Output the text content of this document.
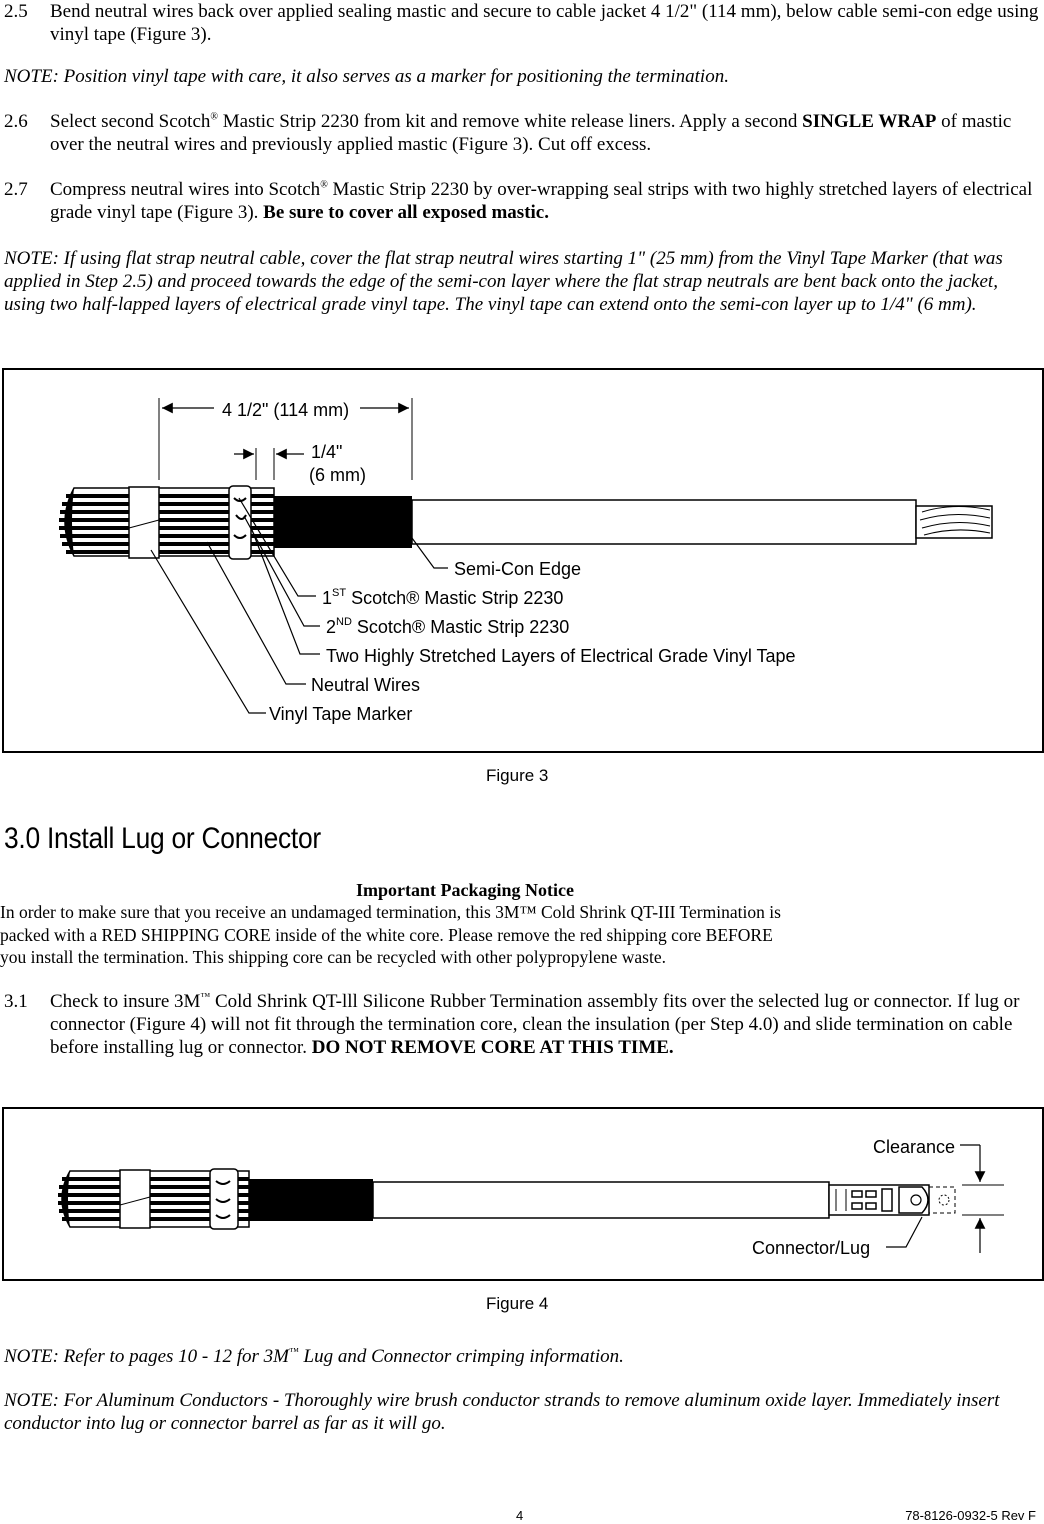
2.5 Bend neutral wires back over applied sealing mastic and secure to cable jacket 4 1/2" (114 mm), below cable semi-con edge using vinyl tape (Figure 3).
NOTE: Position vinyl tape with care, it also serves as a marker for positioning the termination.
2.6 Select second Scotch® Mastic Strip 2230 from kit and remove white release liners. Apply a second SINGLE WRAP of mastic over the neutral wires and previously applied mastic (Figure 3). Cut off excess.
2.7 Compress neutral wires into Scotch® Mastic Strip 2230 by over-wrapping seal strips with two highly stretched layers of electrical grade vinyl tape (Figure 3). Be sure to cover all exposed mastic.
NOTE: If using flat strap neutral cable, cover the flat strap neutral wires starting 1" (25 mm) from the Vinyl Tape Marker (that was applied in Step 2.5) and proceed towards the edge of the semi-con layer where the flat strap neutrals are bent back onto the jacket, using two half-lapped layers of electrical grade vinyl tape. The vinyl tape can extend onto the semi-con layer up to 1/4" (6 mm).
4 1/2" (114 mm)
1/4"
(6 mm)
Semi-Con Edge
1ST Scotch® Mastic Strip 2230
2ND Scotch® Mastic Strip 2230
Two Highly Stretched Layers of Electrical Grade Vinyl Tape
Neutral Wires
Vinyl Tape Marker
Figure 3
3.0 Install Lug or Connector
Important Packaging Notice
In order to make sure that you receive an undamaged termination, this 3M™ Cold Shrink QT-III Termination is
packed with a RED SHIPPING CORE inside of the white core. Please remove the red shipping core BEFORE
you install the termination. This shipping core can be recycled with other polypropylene waste.
3.1 Check to insure 3M™ Cold Shrink QT-lll Silicone Rubber Termination assembly fits over the selected lug or connector. If lug or connector (Figure 4) will not fit through the termination core, clean the insulation (per Step 4.0) and slide termination on cable before installing lug or connector. DO NOT REMOVE CORE AT THIS TIME.
Clearance
Connector/Lug
Figure 4
NOTE: Refer to pages 10 - 12 for 3M™ Lug and Connector crimping information.
NOTE: For Aluminum Conductors - Thoroughly wire brush conductor strands to remove aluminum oxide layer. Immediately insert conductor into lug or connector barrel as far as it will go.
4	78-8126-0932-5 Rev F
